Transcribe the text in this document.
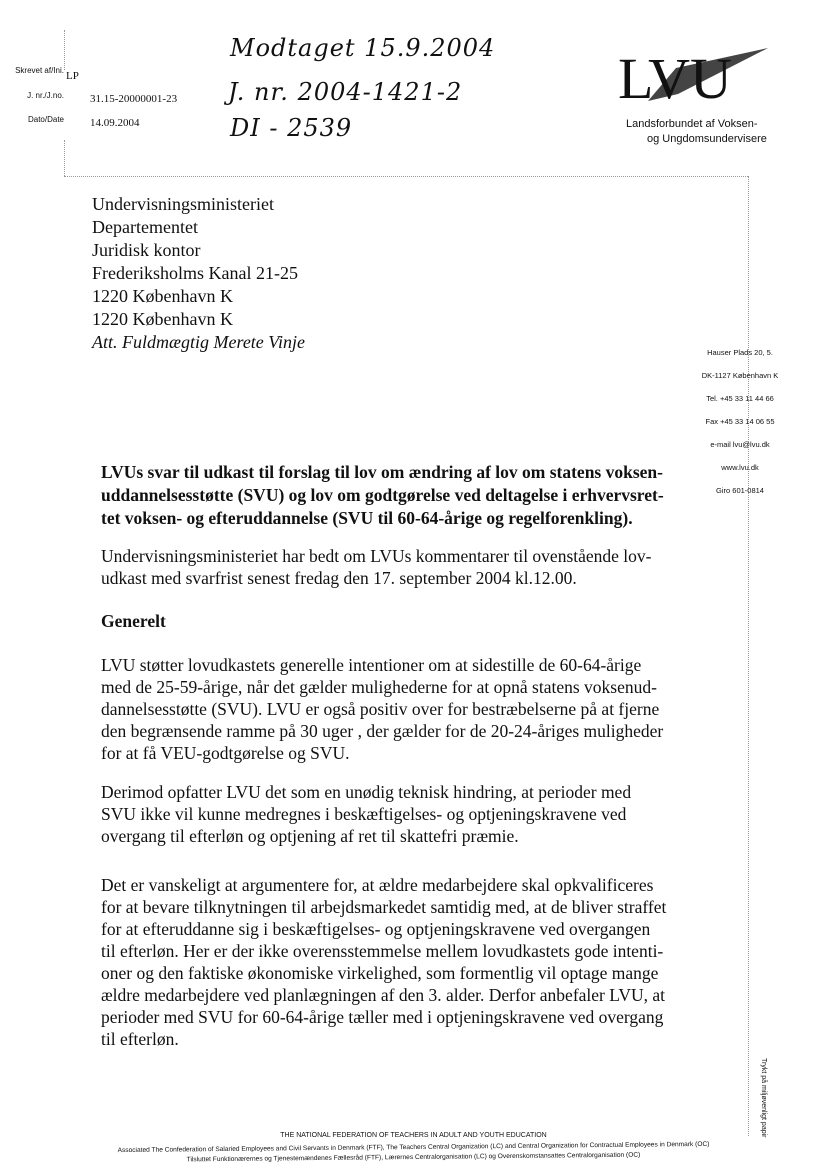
Skrevet af/Ini. LP
J. nr./J.no. 31.15-20000001-23
Dato/Date 14.09.2004
Modtaget 15.9.2004
J. nr. 2004-1421-2
DI - 2539
LVU
Landsforbundet af Voksen-
og Ungdomsundervisere
Undervisningsministeriet
Departementet
Juridisk kontor
Frederiksholms Kanal 21-25
1220 København K
1220 København K
Att. Fuldmægtig Merete Vinje
Hauser Plads 20, 5.
DK-1127 København K
Tel. +45 33 11 44 66
Fax +45 33 14 06 55
e-mail lvu@lvu.dk
www.lvu.dk
Giro 601-0814
LVUs svar til udkast til forslag til lov om ændring af lov om statens voksen-
uddannelsesstøtte (SVU) og lov om godtgørelse ved deltagelse i erhvervsret-
tet voksen- og efteruddannelse (SVU til 60-64-årige og regelforenkling).
Undervisningsministeriet har bedt om LVUs kommentarer til ovenstående lov-
udkast med svarfrist senest fredag den 17. september 2004 kl.12.00.
Generelt
LVU støtter lovudkastets generelle intentioner om at sidestille de 60-64-årige
med de 25-59-årige, når det gælder mulighederne for at opnå statens voksenud-
dannelsesstøtte (SVU). LVU er også positiv over for bestræbelserne på at fjerne
den begrænsende ramme på 30 uger , der gælder for de 20-24-åriges muligheder
for at få VEU-godtgørelse og SVU.
Derimod opfatter LVU det som en unødig teknisk hindring, at perioder med
SVU ikke vil kunne medregnes i beskæftigelses- og optjeningskravene ved
overgang til efterløn og optjening af ret til skattefri præmie.
Det er vanskeligt at argumentere for, at ældre medarbejdere skal opkvalificeres
for at bevare tilknytningen til arbejdsmarkedet samtidig med, at de bliver straffet
for at efteruddanne sig i beskæftigelses- og optjeningskravene ved overgangen
til efterløn. Her er der ikke overensstemmelse mellem lovudkastets gode intenti-
oner og den faktiske økonomiske virkelighed, som formentlig vil optage mange
ældre medarbejdere ved planlægningen af den 3. alder. Derfor anbefaler LVU, at
perioder med SVU for 60-64-årige tæller med i optjeningskravene ved overgang
til efterløn.
Trykt på miljøvenligt papir
THE NATIONAL FEDERATION OF TEACHERS IN ADULT AND YOUTH EDUCATION
Associated The Confederation of Salaried Employees and Civil Servants in Denmark (FTF), The Teachers Central Organization (LC) and Central Organization for Contractual Employees in Denmark (OC)
Tilsluttet Funktionærernes og Tjenestemændenes Fællesråd (FTF), Lærernes Centralorganisation (LC) og Overenskomstansattes Centralorganisation (OC)
